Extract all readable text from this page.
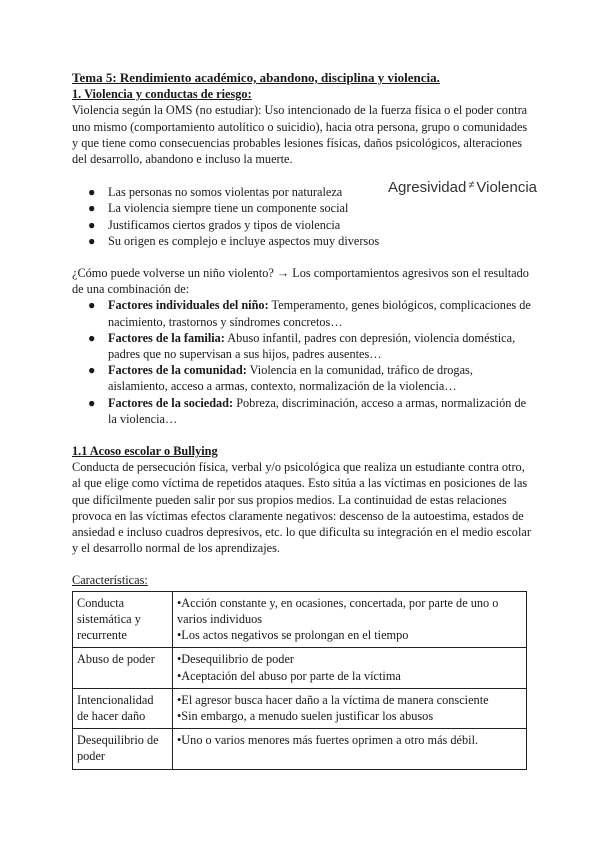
Tema 5: Rendimiento académico, abandono, disciplina y violencia.

1. Violencia y conductas de riesgo:

Violencia según la OMS (no estudiar): Uso intencionado de la fuerza física o el poder contra uno mismo (comportamiento autolítico o suicidio), hacia otra persona, grupo o comunidades y que tiene como consecuencias probables lesiones físicas, daños psicológicos, alteraciones del desarrollo, abandono e incluso la muerte.

● Las personas no somos violentas por naturaleza
● La violencia siempre tiene un componente social
● Justificamos ciertos grados y tipos de violencia
● Su origen es complejo e incluye aspectos muy diversos
Agresividad ≠ Violencia

¿Cómo puede volverse un niño violento? → Los comportamientos agresivos son el resultado de una combinación de:

● Factores individuales del niño: Temperamento, genes biológicos, complicaciones de nacimiento, trastornos y síndromes concretos…
● Factores de la familia: Abuso infantil, padres con depresión, violencia doméstica, padres que no supervisan a sus hijos, padres ausentes…
● Factores de la comunidad: Violencia en la comunidad, tráfico de drogas, aislamiento, acceso a armas, contexto, normalización de la violencia…
● Factores de la sociedad: Pobreza, discriminación, acceso a armas, normalización de la violencia…

1.1 Acoso escolar o Bullying

Conducta de persecución física, verbal y/o psicológica que realiza un estudiante contra otro, al que elige como víctima de repetidos ataques. Esto sitúa a las víctimas en posiciones de las que difícilmente pueden salir por sus propios medios. La continuidad de estas relaciones provoca en las víctimas efectos claramente negativos: descenso de la autoestima, estados de ansiedad e incluso cuadros depresivos, etc. lo que dificulta su integración en el medio escolar y el desarrollo normal de los aprendizajes.

Características:

Conducta sistemática y recurrente	•Acción constante y, en ocasiones, concertada, por parte de uno o varios individuos
•Los actos negativos se prolongan en el tiempo

Abuso de poder	•Desequilibrio de poder
•Aceptación del abuso por parte de la víctima

Intencionalidad de hacer daño	•El agresor busca hacer daño a la víctima de manera consciente
•Sin embargo, a menudo suelen justificar los abusos

Desequilibrio de poder	•Uno o varios menores más fuertes oprimen a otro más débil.
